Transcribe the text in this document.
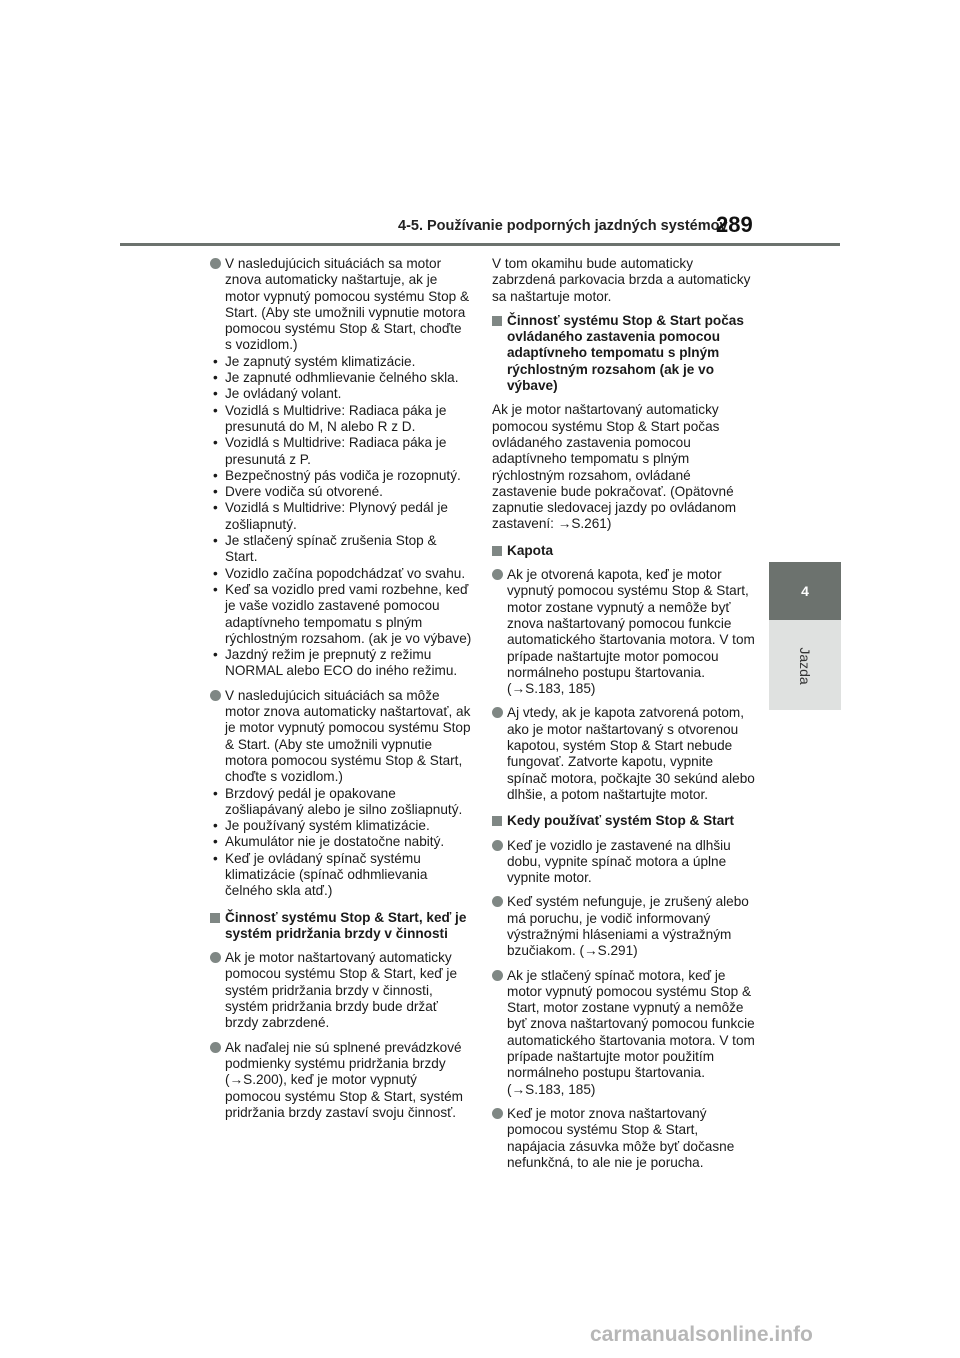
4-5. Používanie podporných jazdných systémov
289
4
Jazda
V nasledujúcich situáciách sa motor znova automaticky naštartuje, ak je motor vypnutý pomocou systému Stop & Start. (Aby ste umožnili vypnutie motora pomocou systému Stop & Start, choďte s vozidlom.)
• Je zapnutý systém klimatizácie.
• Je zapnuté odhmlievanie čelného skla.
• Je ovládaný volant.
• Vozidlá s Multidrive: Radiaca páka je presunutá do M, N alebo R z D.
• Vozidlá s Multidrive: Radiaca páka je presunutá z P.
• Bezpečnostný pás vodiča je rozopnutý.
• Dvere vodiča sú otvorené.
• Vozidlá s Multidrive: Plynový pedál je zošliapnutý.
• Je stlačený spínač zrušenia Stop & Start.
• Vozidlo začína popodchádzať vo svahu.
• Keď sa vozidlo pred vami rozbehne, keď je vaše vozidlo zastavené pomocou adaptívneho tempomatu s plným rýchlostným rozsahom. (ak je vo výbave)
• Jazdný režim je prepnutý z režimu NORMAL alebo ECO do iného režimu.
V nasledujúcich situáciách sa môže motor znova automaticky naštartovať, ak je motor vypnutý pomocou systému Stop & Start. (Aby ste umožnili vypnutie motora pomocou systému Stop & Start, choďte s vozidlom.)
• Brzdový pedál je opakovane zošliapávaný alebo je silno zošliapnutý.
• Je používaný systém klimatizácie.
• Akumulátor nie je dostatočne nabitý.
• Keď je ovládaný spínač systému klimatizácie (spínač odhmlievania čelného skla atď.)
Činnosť systému Stop & Start, keď je systém pridržania brzdy v činnosti
Ak je motor naštartovaný automaticky pomocou systému Stop & Start, keď je systém pridržania brzdy v činnosti, systém pridržania brzdy bude držať brzdy zabrzdené.
Ak naďalej nie sú splnené prevádzkové podmienky systému pridržania brzdy (→S.200), keď je motor vypnutý pomocou systému Stop & Start, systém pridržania brzdy zastaví svoju činnosť.

V tom okamihu bude automaticky zabrzdená parkovacia brzda a automaticky sa naštartuje motor.

Činnosť systému Stop & Start počas ovládaného zastavenia pomocou adaptívneho tempomatu s plným rýchlostným rozsahom (ak je vo výbave)

Ak je motor naštartovaný automaticky pomocou systému Stop & Start počas ovládaného zastavenia pomocou adaptívneho tempomatu s plným rýchlostným rozsahom, ovládané zastavenie bude pokračovať. (Opätovné zapnutie sledovacej jazdy po ovládanom zastavení: →S.261)

Kapota
Ak je otvorená kapota, keď je motor vypnutý pomocou systému Stop & Start, motor zostane vypnutý a nemôže byť znova naštartovaný pomocou funkcie automatického štartovania motora. V tom prípade naštartujte motor pomocou normálneho postupu štartovania. (→S.183, 185)
Aj vtedy, ak je kapota zatvorená potom, ako je motor naštartovaný s otvorenou kapotou, systém Stop & Start nebude fungovať. Zatvorte kapotu, vypnite spínač motora, počkajte 30 sekúnd alebo dlhšie, a potom naštartujte motor.
Kedy používať systém Stop & Start
Keď je vozidlo je zastavené na dlhšiu dobu, vypnite spínač motora a úplne vypnite motor.
Keď systém nefunguje, je zrušený alebo má poruchu, je vodič informovaný výstražnými hláseniami a výstražným bzučiakom. (→S.291)
Ak je stlačený spínač motora, keď je motor vypnutý pomocou systému Stop & Start, motor zostane vypnutý a nemôže byť znova naštartovaný pomocou funkcie automatického štartovania motora. V tom prípade naštartujte motor použitím normálneho postupu štartovania. (→S.183, 185)
Keď je motor znova naštartovaný pomocou systému Stop & Start, napájacia zásuvka môže byť dočasne nefunkčná, to ale nie je porucha.
carmanualsonline.info
